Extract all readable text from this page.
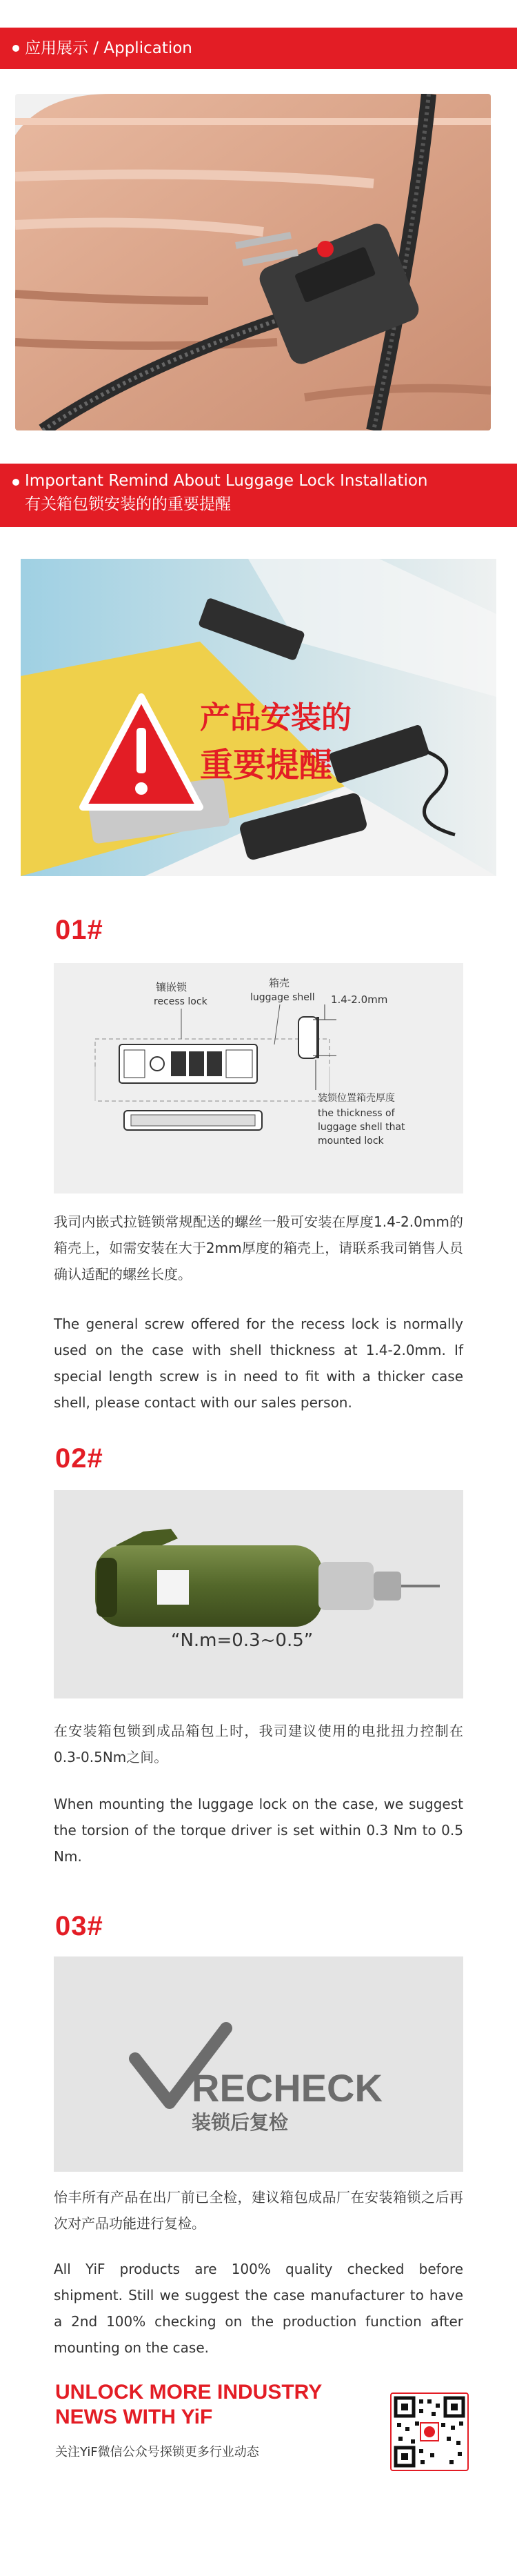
应用展示 / Application
Important Remind About Luggage Lock Installation
有关箱包锁安装的的重要提醒
产品安装的
重要提醒
01#
镶嵌锁
recess lock
箱壳
luggage shell 1.4-2.0mm
装锁位置箱壳厚度
the thickness of
luggage shell that
mounted lock
我司内嵌式拉链锁常规配送的螺丝一般可安装在厚度1.4-2.0mm的箱壳上，如需安装在大于2mm厚度的箱壳上，请联系我司销售人员确认适配的螺丝长度。
The general screw offered for the recess lock is normally used on the case with shell thickness at 1.4-2.0mm. If special length screw is in need to fit with a thicker case shell, please contact with our sales person.
02#
“N.m=0.3~0.5”
在安装箱包锁到成品箱包上时，我司建议使用的电批扭力控制在0.3-0.5Nm之间。
When mounting the luggage lock on the case, we suggest the torsion of the torque driver is set within 0.3 Nm to 0.5 Nm.
03#
RECHECK
装锁后复检
怡丰所有产品在出厂前已全检，建议箱包成品厂在安装箱锁之后再次对产品功能进行复检。
All YiF products are 100% quality checked before shipment. Still we suggest the case manufacturer to have a 2nd 100% checking on the production function after mounting on the case.
UNLOCK MORE INDUSTRY
NEWS WITH YiF
关注YiF微信公众号探锁更多行业动态
